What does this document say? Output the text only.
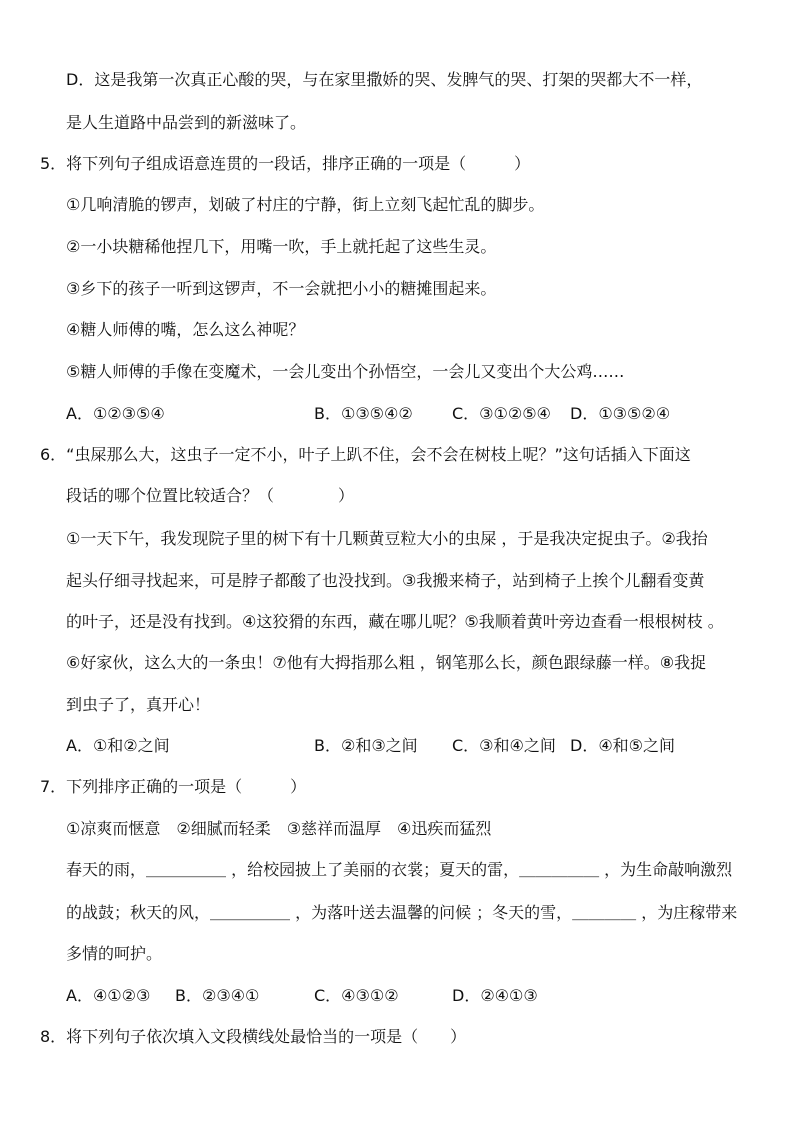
D．这是我第一次真正心酸的哭，与在家里撒娇的哭、发脾气的哭、打架的哭都大不一样，

是人生道路中品尝到的新滋味了。

5．将下列句子组成语意连贯的一段话，排序正确的一项是（　　　）

①几响清脆的锣声，划破了村庄的宁静，街上立刻飞起忙乱的脚步。

②一小块糖稀他捏几下，用嘴一吹，手上就托起了这些生灵。

③乡下的孩子一听到这锣声，不一会就把小小的糖摊围起来。

④糖人师傅的嘴，怎么这么神呢？

⑤糖人师傅的手像在变魔术，一会儿变出个孙悟空，一会儿又变出个大公鸡……

A．①②③⑤④	B．①③⑤④② C．③①②⑤④ D．①③⑤②④

6．“虫屎那么大，这虫子一定不小，叶子上趴不住，会不会在树枝上呢？”这句话插入下面这

段话的哪个位置比较适合？（　　　　）

①一天下午，我发现院子里的树下有十几颗黄豆粒大小的虫屎 ，于是我决定捉虫子。②我抬

起头仔细寻找起来，可是脖子都酸了也没找到。③我搬来椅子，站到椅子上挨个儿翻看变黄

的叶子，还是没有找到。④这狡猾的东西，藏在哪儿呢？⑤我顺着黄叶旁边查看一根根树枝 。

⑥好家伙，这么大的一条虫！⑦他有大拇指那么粗 ，钢笔那么长，颜色跟绿藤一样。⑧我捉

到虫子了，真开心！

A．①和②之间	B．②和③之间 C．③和④之间 D．④和⑤之间

7．下列排序正确的一项是（　　　）

①凉爽而惬意　②细腻而轻柔　③慈祥而温厚　④迅疾而猛烈

春天的雨，＿＿＿＿＿ ，给校园披上了美丽的衣裳；夏天的雷，＿＿＿＿＿ ，为生命敲响激烈

的战鼓；秋天的风，＿＿＿＿＿ ，为落叶送去温馨的问候 ；冬天的雪，＿＿＿＿ ，为庄稼带来

多情的呵护。

A．④①②③ B．②③④①	C．④③①②	D．②④①③

8．将下列句子依次填入文段横线处最恰当的一项是（　　）
